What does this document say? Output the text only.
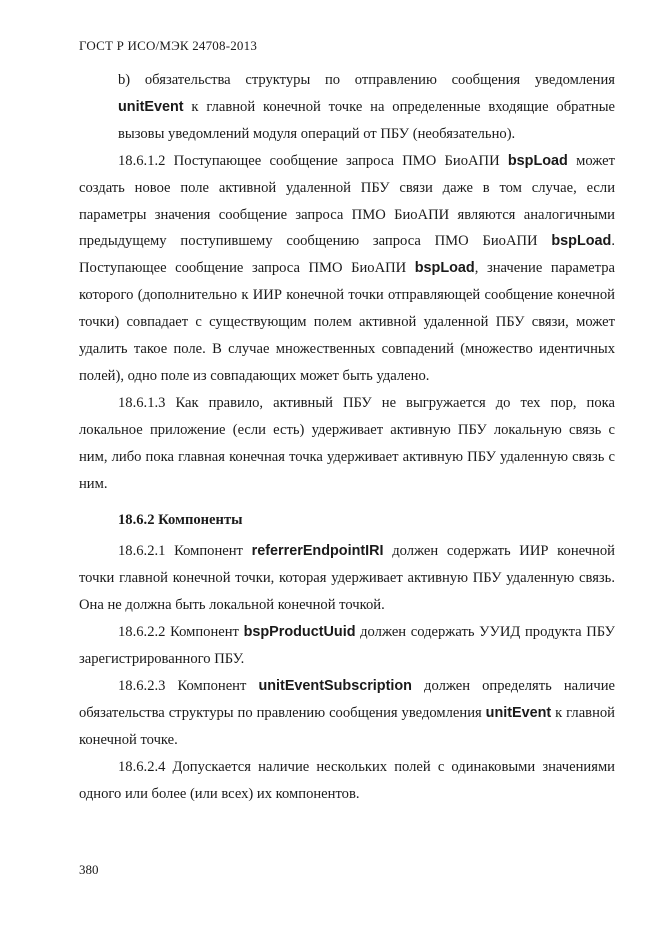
ГОСТ Р ИСО/МЭК 24708-2013

b) обязательства структуры по отправлению сообщения уведомления unitEvent к главной конечной точке на определенные входящие обратные вызовы уведомлений модуля операций от ПБУ (необязательно).

18.6.1.2 Поступающее сообщение запроса ПМО БиоАПИ bspLoad может создать новое поле активной удаленной ПБУ связи даже в том случае, если параметры значения сообщение запроса ПМО БиоАПИ являются аналогичными предыдущему поступившему сообщению запроса ПМО БиоАПИ bspLoad. Поступающее сообщение запроса ПМО БиоАПИ bspLoad, значение параметра которого (дополнительно к ИИР конечной точки отправляющей сообщение конечной точки) совпадает с существующим полем активной удаленной ПБУ связи, может удалить такое поле. В случае множественных совпадений (множество идентичных полей), одно поле из совпадающих может быть удалено.

18.6.1.3 Как правило, активный ПБУ не выгружается до тех пор, пока локальное приложение (если есть) удерживает активную ПБУ локальную связь с ним, либо пока главная конечная точка удерживает активную ПБУ удаленную связь с ним.

18.6.2 Компоненты

18.6.2.1 Компонент referrerEndpointIRI должен содержать ИИР конечной точки главной конечной точки, которая удерживает активную ПБУ удаленную связь. Она не должна быть локальной конечной точкой.

18.6.2.2 Компонент bspProductUuid должен содержать УУИД продукта ПБУ зарегистрированного ПБУ.

18.6.2.3 Компонент unitEventSubscription должен определять наличие обязательства структуры по правлению сообщения уведомления unitEvent к главной конечной точке.

18.6.2.4 Допускается наличие нескольких полей с одинаковыми значениями одного или более (или всех) их компонентов.

380
